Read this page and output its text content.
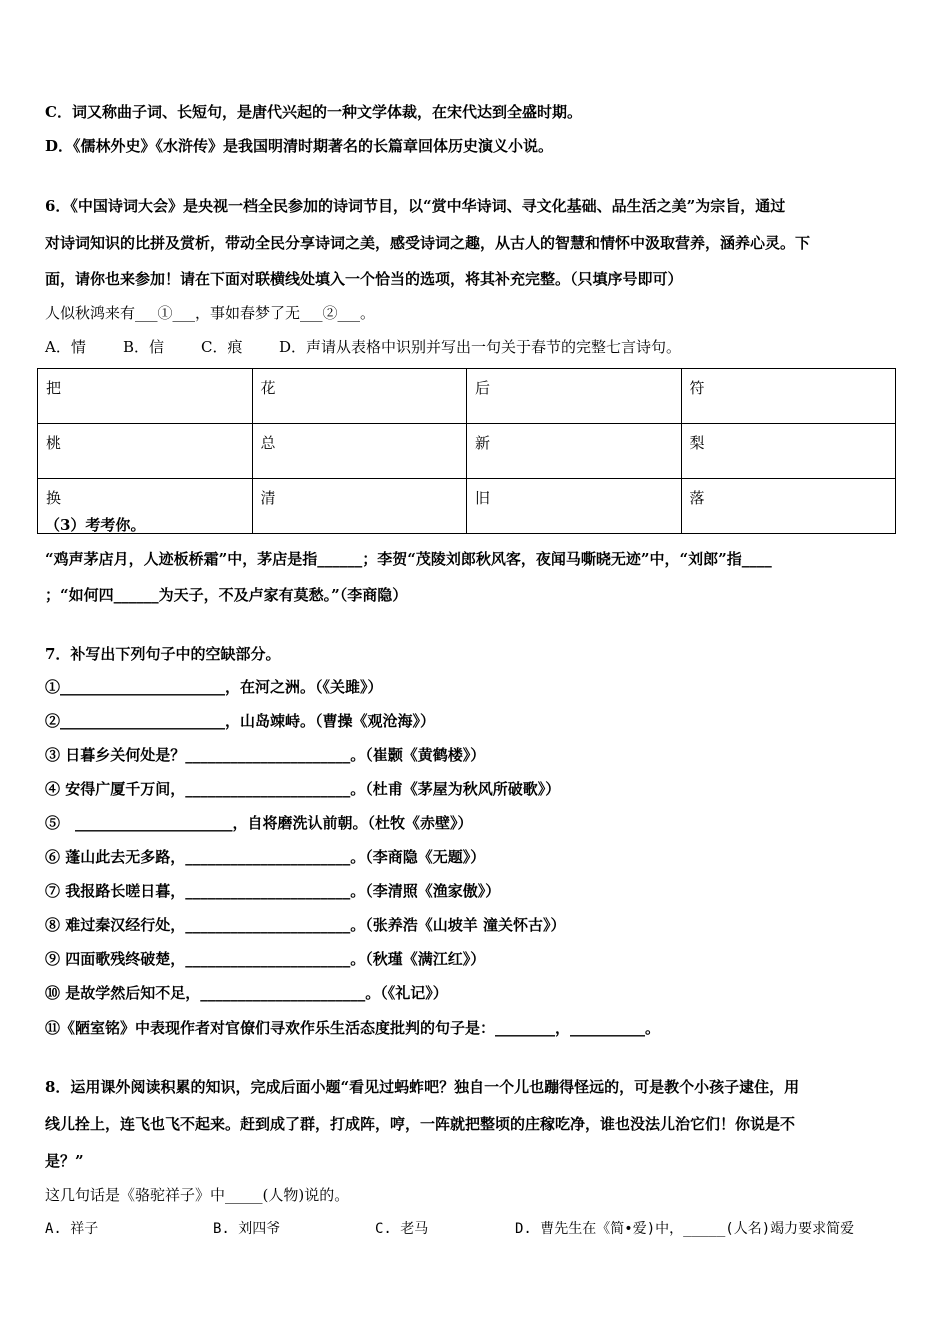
C．词又称曲子词、长短句，是唐代兴起的一种文学体裁，在宋代达到全盛时期。
D．《儒林外史》《水浒传》是我国明清时期著名的长篇章回体历史演义小说。
6．《中国诗词大会》是央视一档全民参加的诗词节目，以“赏中华诗词、寻文化基础、品生活之美”为宗旨，通过
对诗词知识的比拼及赏析，带动全民分享诗词之美，感受诗词之趣，从古人的智慧和情怀中汲取营养，涵养心灵。下
面，请你也来参加！请在下面对联横线处填入一个恰当的选项，将其补充完整。（只填序号即可）
人似秋鸿来有___①___，事如春梦了无___②___。
A．情 B．信 C．痕 D．声请从表格中识别并写出一句关于春节的完整七言诗句。
把	花	后	符
桃	总	新	梨
换	清	旧	落
（3）考考你。
“鸡声茅店月，人迹板桥霜”中，茅店是指______；李贺“茂陵刘郎秋风客，夜闻马嘶晓无迹”中，“刘郎”指____
；“如何四______为天子，不及卢家有莫愁。”（李商隐）
7．补写出下列句子中的空缺部分。
①______________________，在河之洲。（《关雎》）
②______________________，山岛竦峙。（曹操《观沧海》）
③ 日暮乡关何处是？______________________。（崔颢《黄鹤楼》）
④ 安得广厦千万间，______________________。（杜甫《茅屋为秋风所破歌》）
⑤　_____________________，自将磨洗认前朝。（杜牧《赤壁》）
⑥ 蓬山此去无多路，______________________。（李商隐《无题》）
⑦ 我报路长嗟日暮，______________________。（李清照《渔家傲》）
⑧ 难过秦汉经行处，______________________。（张养浩《山坡羊 潼关怀古》）
⑨ 四面歌残终破楚，______________________。（秋瑾《满江红》）
⑩ 是故学然后知不足，______________________。（《礼记》）
⑪《陋室铭》中表现作者对官僚们寻欢作乐生活态度批判的句子是：________，__________。
8．运用课外阅读积累的知识，完成后面小题“看见过蚂蚱吧？独自一个儿也蹦得怪远的，可是教个小孩子逮住，用
线儿拴上，连飞也飞不起来。赶到成了群，打成阵，哼，一阵就把整顷的庄稼吃净，谁也没法儿治它们！你说是不
是？”
这几句话是《骆驼祥子》中_____(人物)说的。
A. 祥子	B. 刘四爷	C. 老马	D. 曹先生在《简•爱)中，_____(人名)竭力要求简爱
